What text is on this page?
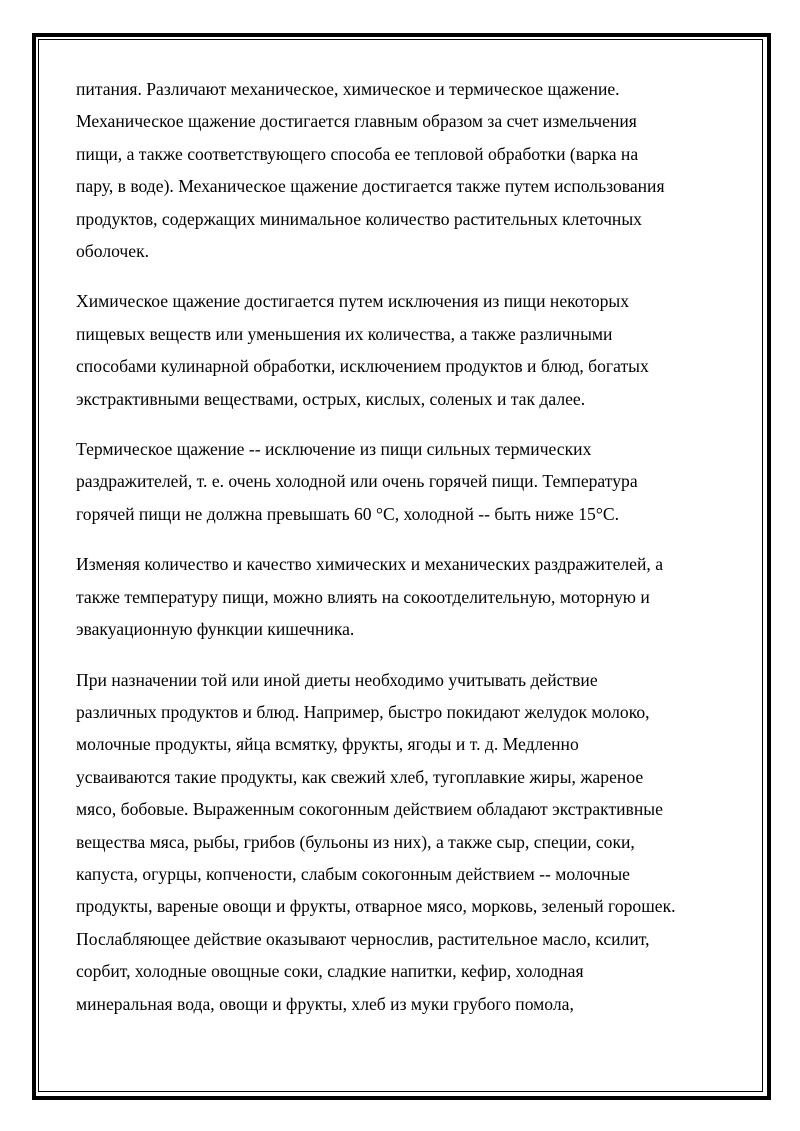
питания. Различают механическое, химическое и термическое щажение.
Механическое щажение достигается главным образом за счет измельчения
пищи, а также соответствующего способа ее тепловой обработки (варка на
пару, в воде). Механическое щажение достигается также путем использования
продуктов, содержащих минимальное количество растительных клеточных
оболочек.

Химическое щажение достигается путем исключения из пищи некоторых
пищевых веществ или уменьшения их количества, а также различными
способами кулинарной обработки, исключением продуктов и блюд, богатых
экстрактивными веществами, острых, кислых, соленых и так далее.

Термическое щажение -- исключение из пищи сильных термических
раздражителей, т. е. очень холодной или очень горячей пищи. Температура
горячей пищи не должна превышать 60 °С, холодной -- быть ниже 15°С.

Изменяя количество и качество химических и механических раздражителей, а
также температуру пищи, можно влиять на сокоотделительную, моторную и
эвакуационную функции кишечника.

При назначении той или иной диеты необходимо учитывать действие
различных продуктов и блюд. Например, быстро покидают желудок молоко,
молочные продукты, яйца всмятку, фрукты, ягоды и т. д. Медленно
усваиваются такие продукты, как свежий хлеб, тугоплавкие жиры, жареное
мясо, бобовые. Выраженным сокогонным действием обладают экстрактивные
вещества мяса, рыбы, грибов (бульоны из них), а также сыр, специи, соки,
капуста, огурцы, копчености, слабым сокогонным действием -- молочные
продукты, вареные овощи и фрукты, отварное мясо, морковь, зеленый горошек.
Послабляющее действие оказывают чернослив, растительное масло, ксилит,
сорбит, холодные овощные соки, сладкие напитки, кефир, холодная
минеральная вода, овощи и фрукты, хлеб из муки грубого помола,
